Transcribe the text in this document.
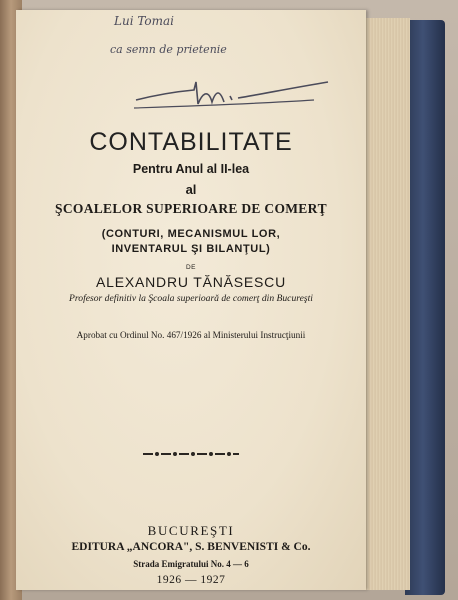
Lui Tomai
ca semn de prietenie
CONTABILITATE
Pentru Anul al II-lea
al
ŞCOALELOR SUPERIOARE DE COMERŢ
(CONTURI, MECANISMUL LOR,
INVENTARUL ŞI BILANŢUL)
DE
ALEXANDRU TĂNĂSESCU
Profesor definitiv la Şcoala superioară de comerţ din Bucureşti
Aprobat cu Ordinul No. 467/1926 al Ministerului Instrucţiunii
BUCUREŞTI
EDITURA „ANCORA", S. BENVENISTI & Co.
Strada Emigratului No. 4 — 6
1926 — 1927
